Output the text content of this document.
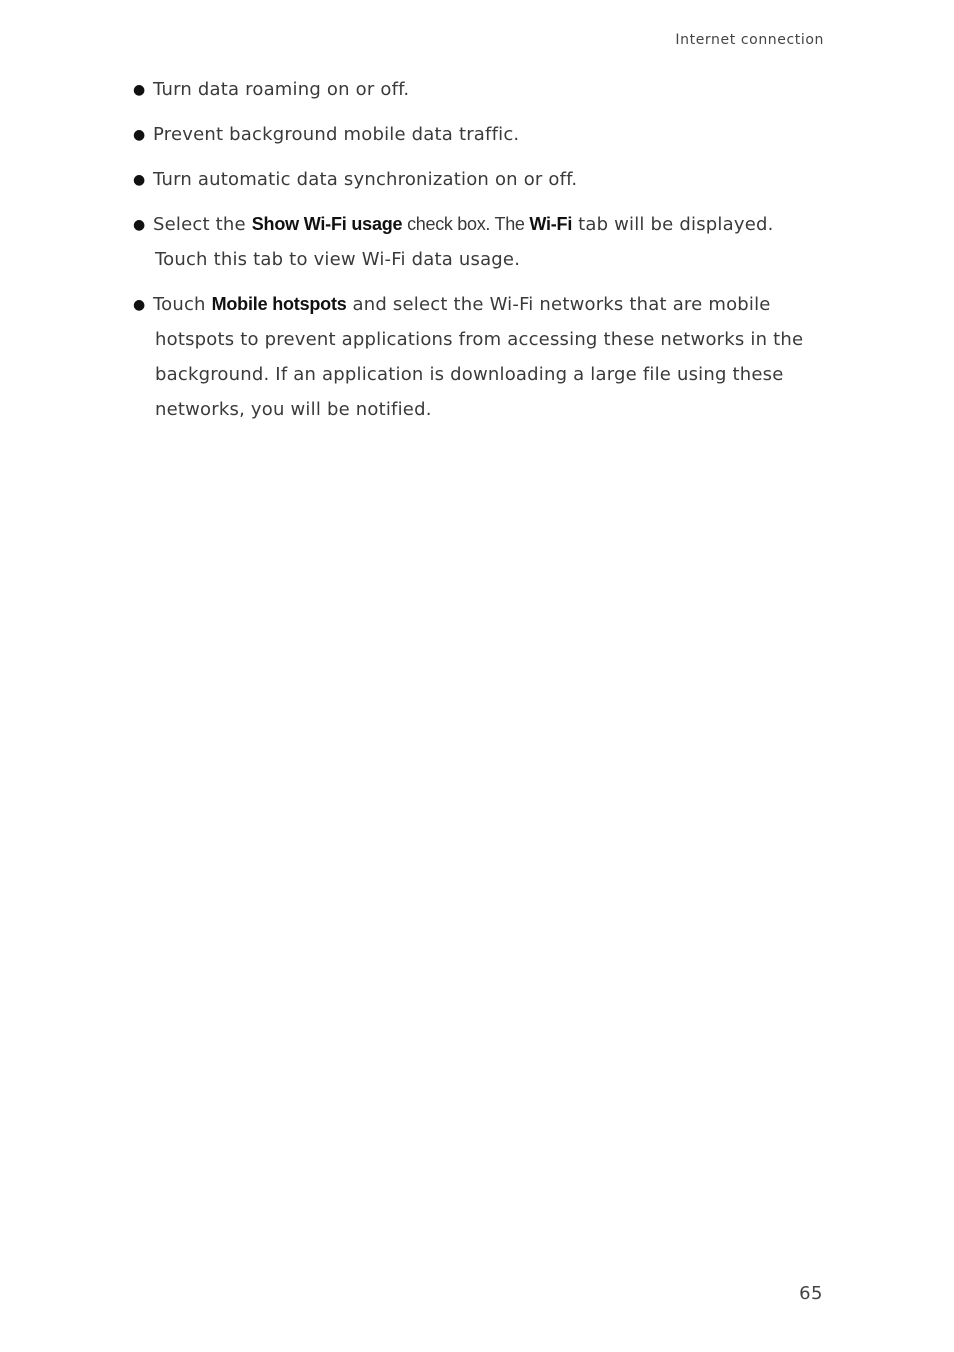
Internet connection
● Turn data roaming on or off.
● Prevent background mobile data traffic.
● Turn automatic data synchronization on or off.
● Select the Show Wi-Fi usage check box. The Wi-Fi tab will be displayed.
Touch this tab to view Wi-Fi data usage.
● Touch Mobile hotspots and select the Wi-Fi networks that are mobile
hotspots to prevent applications from accessing these networks in the
background. If an application is downloading a large file using these
networks, you will be notified.
65
